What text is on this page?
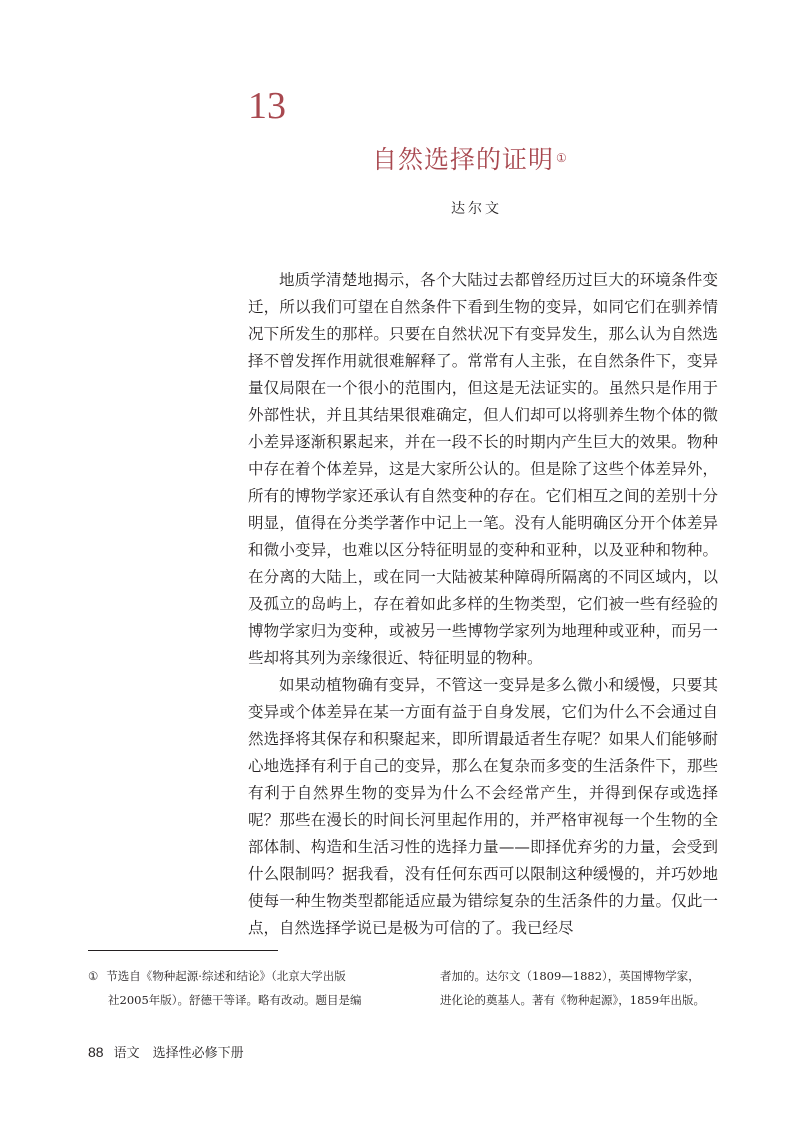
13
自然选择的证明 ①
达尔文

地质学清楚地揭示，各个大陆过去都曾经历过巨大的环境条件变迁，所以我们可望在自然条件下看到生物的变异，如同它们在驯养情况下所发生的那样。只要在自然状况下有变异发生，那么认为自然选择不曾发挥作用就很难解释了。常常有人主张，在自然条件下，变异量仅局限在一个很小的范围内，但这是无法证实的。虽然只是作用于外部性状，并且其结果很难确定，但人们却可以将驯养生物个体的微小差异逐渐积累起来，并在一段不长的时期内产生巨大的效果。物种中存在着个体差异，这是大家所公认的。但是除了这些个体差异外，所有的博物学家还承认有自然变种的存在。它们相互之间的差别十分明显，值得在分类学著作中记上一笔。没有人能明确区分开个体差异和微小变异，也难以区分特征明显的变种和亚种，以及亚种和物种。在分离的大陆上，或在同一大陆被某种障碍所隔离的不同区域内，以及孤立的岛屿上，存在着如此多样的生物类型，它们被一些有经验的博物学家归为变种，或被另一些博物学家列为地理种或亚种，而另一些却将其列为亲缘很近、特征明显的物种。

如果动植物确有变异，不管这一变异是多么微小和缓慢，只要其变异或个体差异在某一方面有益于自身发展，它们为什么不会通过自然选择将其保存和积聚起来，即所谓最适者生存呢？如果人们能够耐心地选择有利于自己的变异，那么在复杂而多变的生活条件下，那些有利于自然界生物的变异为什么不会经常产生，并得到保存或选择呢？那些在漫长的时间长河里起作用的，并严格审视每一个生物的全部体制、构造和生活习性的选择力量——即择优弃劣的力量，会受到什么限制吗？据我看，没有任何东西可以限制这种缓慢的，并巧妙地使每一种生物类型都能适应最为错综复杂的生活条件的力量。仅此一点，自然选择学说已是极为可信的了。我已经尽

① 节选自《物种起源·综述和结论》（北京大学出版
社2005年版）。舒德干等译。略有改动。题目是编
者加的。达尔文（1809—1882），英国博物学家，
进化论的奠基人。著有《物种起源》，1859年出版。
88 语文　选择性必修下册
